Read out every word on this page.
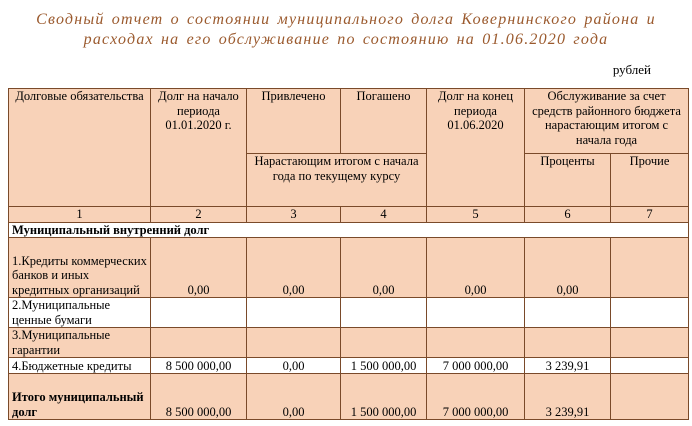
Сводный отчет о состоянии муниципального долга Ковернинского района и
расходах на его обслуживание по состоянию на 01.06.2020 года
рублей
Долговые обязательства	Долг на начало периода 01.01.2020 г.	Привлечено	Погашено	Долг на конец периода 01.06.2020	Обслуживание за счет средств районного бюджета нарастающим итогом с начала года	
		Нарастающим итогом с начала года по текущему курсу			Проценты	Прочие
1	2	3	4	5	6	7
Муниципальный внутренний долг						
1.Кредиты коммерческих банков и иных кредитных организаций	0,00	0,00	0,00	0,00	0,00	
2.Муниципальные ценные бумаги						
3.Муниципальные гарантии						
4.Бюджетные кредиты	8 500 000,00	0,00	1 500 000,00	7 000 000,00	3 239,91	
Итого муниципальный долг	8 500 000,00	0,00	1 500 000,00	7 000 000,00	3 239,91	
